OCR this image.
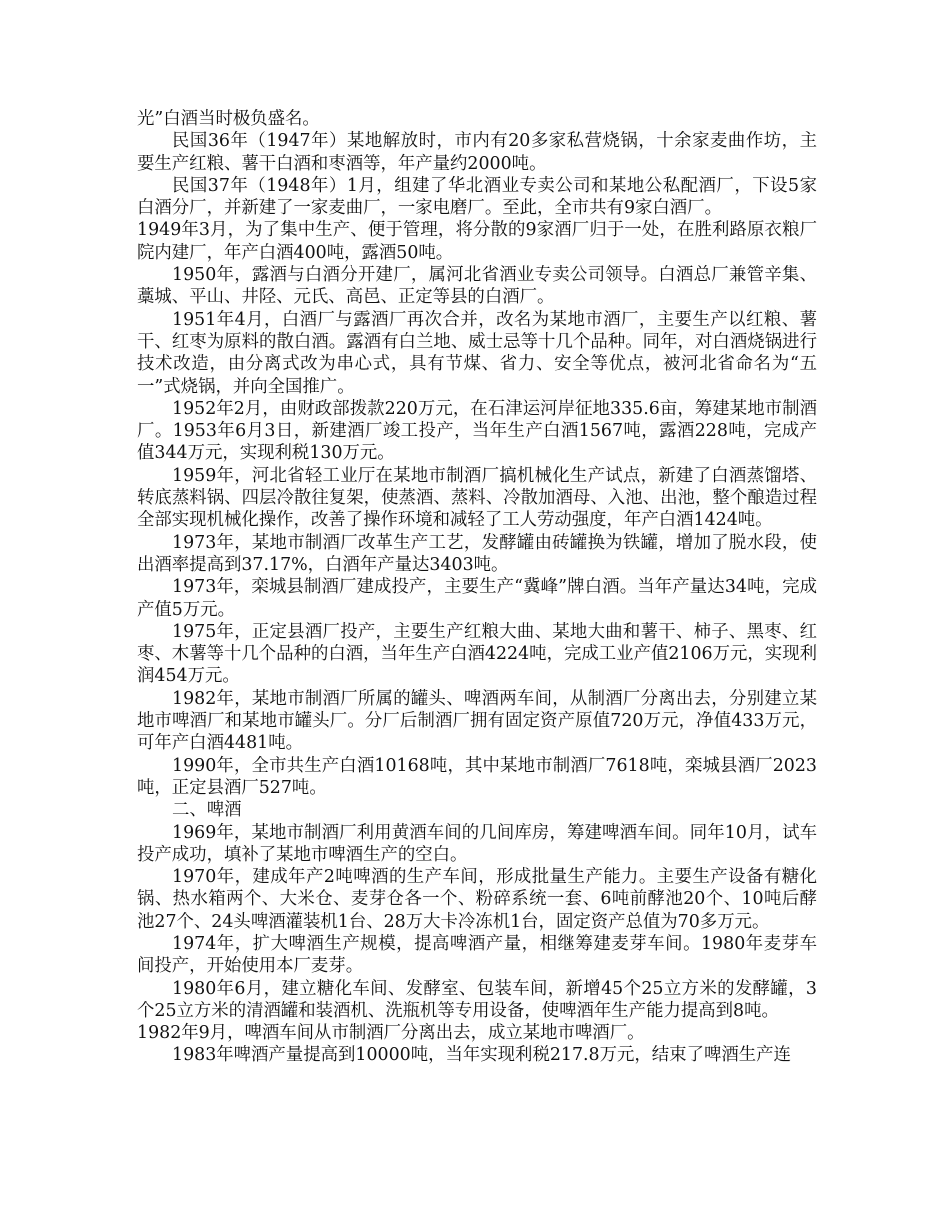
光”白酒当时极负盛名。

民国36年（1947年）某地解放时，市内有20多家私营烧锅，十余家麦曲作坊，主要生产红粮、薯干白酒和枣酒等，年产量约2000吨。

民国37年（1948年）1月，组建了华北酒业专卖公司和某地公私配酒厂，下设5家白酒分厂，并新建了一家麦曲厂，一家电磨厂。至此，全市共有9家白酒厂。

1949年3月，为了集中生产、便于管理，将分散的9家酒厂归于一处，在胜利路原衣粮厂院内建厂，年产白酒400吨，露酒50吨。

1950年，露酒与白酒分开建厂，属河北省酒业专卖公司领导。白酒总厂兼管辛集、藁城、平山、井陉、元氏、高邑、正定等县的白酒厂。

1951年4月，白酒厂与露酒厂再次合并，改名为某地市酒厂，主要生产以红粮、薯干、红枣为原料的散白酒。露酒有白兰地、威士忌等十几个品种。同年，对白酒烧锅进行技术改造，由分离式改为串心式，具有节煤、省力、安全等优点，被河北省命名为“五一”式烧锅，并向全国推广。

1952年2月，由财政部拨款220万元，在石津运河岸征地335.6亩，筹建某地市制酒厂。1953年6月3日，新建酒厂竣工投产，当年生产白酒1567吨，露酒228吨，完成产值344万元，实现利税130万元。

1959年，河北省轻工业厅在某地市制酒厂搞机械化生产试点，新建了白酒蒸馏塔、转底蒸料锅、四层冷散往复架，使蒸酒、蒸料、冷散加酒母、入池、出池，整个酿造过程全部实现机械化操作，改善了操作环境和减轻了工人劳动强度，年产白酒1424吨。

1973年，某地市制酒厂改革生产工艺，发酵罐由砖罐换为铁罐，增加了脱水段，使出酒率提高到37.17%，白酒年产量达3403吨。

1973年，栾城县制酒厂建成投产，主要生产“冀峰”牌白酒。当年产量达34吨，完成产值5万元。

1975年，正定县酒厂投产，主要生产红粮大曲、某地大曲和薯干、柿子、黑枣、红枣、木薯等十几个品种的白酒，当年生产白酒4224吨，完成工业产值2106万元，实现利润454万元。

1982年，某地市制酒厂所属的罐头、啤酒两车间，从制酒厂分离出去，分别建立某地市啤酒厂和某地市罐头厂。分厂后制酒厂拥有固定资产原值720万元，净值433万元，可年产白酒4481吨。

1990年，全市共生产白酒10168吨，其中某地市制酒厂7618吨，栾城县酒厂2023吨，正定县酒厂527吨。

二、啤酒

1969年，某地市制酒厂利用黄酒车间的几间库房，筹建啤酒车间。同年10月，试车投产成功，填补了某地市啤酒生产的空白。

1970年，建成年产2吨啤酒的生产车间，形成批量生产能力。主要生产设备有糖化锅、热水箱两个、大米仓、麦芽仓各一个、粉碎系统一套、6吨前酵池20个、10吨后酵池27个、24头啤酒灌装机1台、28万大卡冷冻机1台，固定资产总值为70多万元。

1974年，扩大啤酒生产规模，提高啤酒产量，相继筹建麦芽车间。1980年麦芽车间投产，开始使用本厂麦芽。

1980年6月，建立糖化车间、发酵室、包装车间，新增45个25立方米的发酵罐，3个25立方米的清酒罐和装酒机、洗瓶机等专用设备，使啤酒年生产能力提高到8吨。

1982年9月，啤酒车间从市制酒厂分离出去，成立某地市啤酒厂。

1983年啤酒产量提高到10000吨，当年实现利税217.8万元，结束了啤酒生产连
